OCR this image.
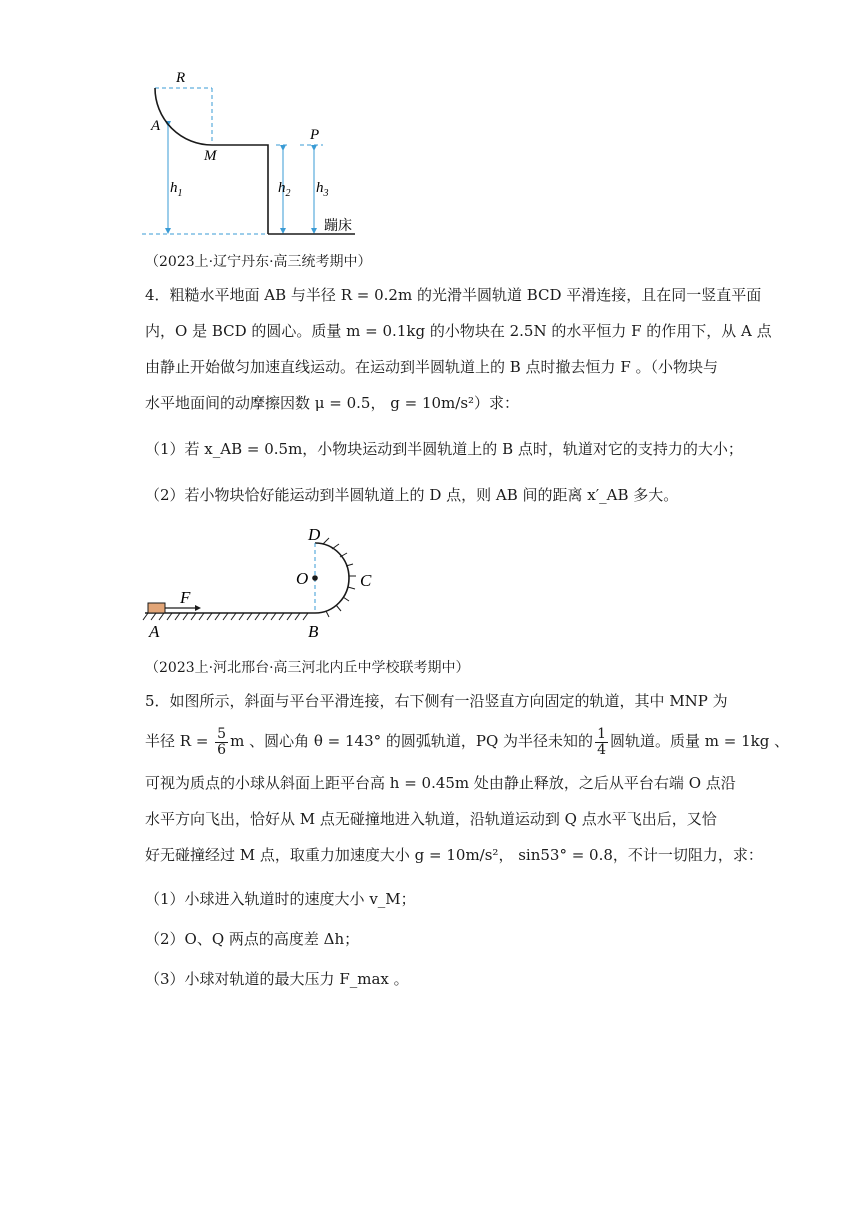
R
A
M
P
$h_1$	$h_2$ $h_3$
蹦床
（2023上·辽宁丹东·高三统考期中）
4．粗糙水平地面 AB 与半径 R = 0.2m 的光滑半圆轨道 BCD 平滑连接，且在同一竖直平面
内，O 是 BCD 的圆心。质量 m = 0.1kg 的小物块在 2.5N 的水平恒力 F 的作用下，从 A 点
由静止开始做匀加速直线运动。在运动到半圆轨道上的 B 点时撤去恒力 F 。（小物块与
水平地面间的动摩擦因数 μ = 0.5， g = 10m/s²）求：
（1）若 x_AB = 0.5m，小物块运动到半圆轨道上的 B 点时，轨道对它的支持力的大小；
（2）若小物块恰好能运动到半圆轨道上的 D 点，则 AB 间的距离 x′_AB 多大。
D
O	C
F
A	B
（2023上·河北邢台·高三河北内丘中学校联考期中）
5．如图所示，斜面与平台平滑连接，右下侧有一沿竖直方向固定的轨道，其中 MNP 为
半径 $R = \frac{5}{6}$ m 、圆心角 θ = 143° 的圆弧轨道，PQ 为半径未知的 $\frac{1}{4}$ 圆轨道。质量 m = 1kg 、
可视为质点的小球从斜面上距平台高 h = 0.45m 处由静止释放，之后从平台右端 O 点沿
水平方向飞出，恰好从 M 点无碰撞地进入轨道，沿轨道运动到 Q 点水平飞出后，又恰
好无碰撞经过 M 点，取重力加速度大小 g = 10m/s²， sin53° = 0.8，不计一切阻力，求：
（1）小球进入轨道时的速度大小 v_M；
（2）O、Q 两点的高度差 Δh；
（3）小球对轨道的最大压力 F_max 。
